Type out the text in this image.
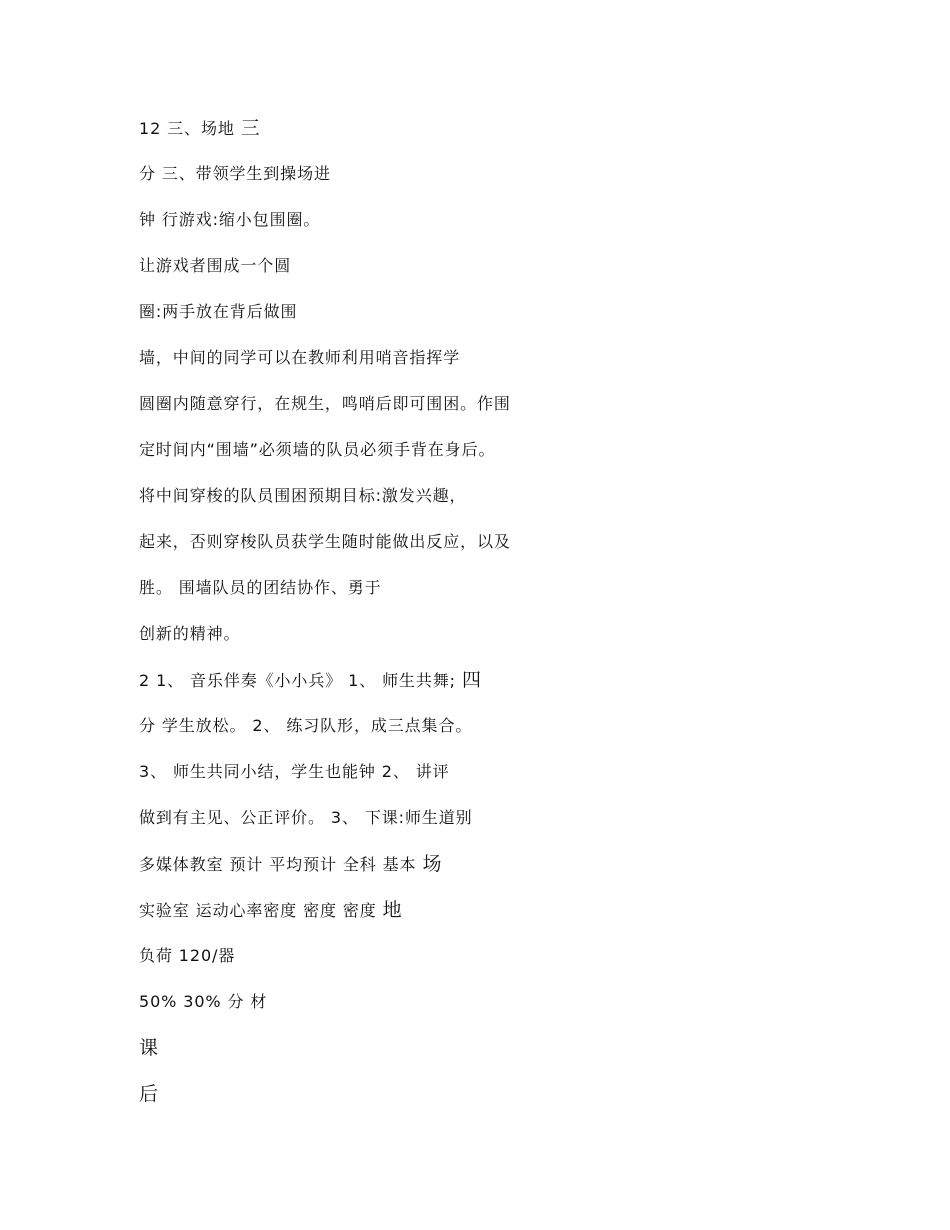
12 三、场地 三
分 三、带领学生到操场进
钟 行游戏:缩小包围圈。
让游戏者围成一个圆
圈:两手放在背后做围
墙，中间的同学可以在教师利用哨音指挥学
圆圈内随意穿行，在规生，鸣哨后即可围困。作围
定时间内“围墙”必须墙的队员必须手背在身后。
将中间穿梭的队员围困预期目标:激发兴趣，
起来，否则穿梭队员获学生随时能做出反应，以及
胜。 围墙队员的团结协作、勇于
创新的精神。
2 1、 音乐伴奏《小小兵》 1、 师生共舞; 四
分 学生放松。 2、 练习队形，成三点集合。
3、 师生共同小结，学生也能钟 2、 讲评
做到有主见、公正评价。 3、 下课:师生道别
多媒体教室 预计 平均预计 全科 基本 场
实验室 运动心率密度 密度 密度 地
负荷 120/器
50% 30% 分 材
课
后
